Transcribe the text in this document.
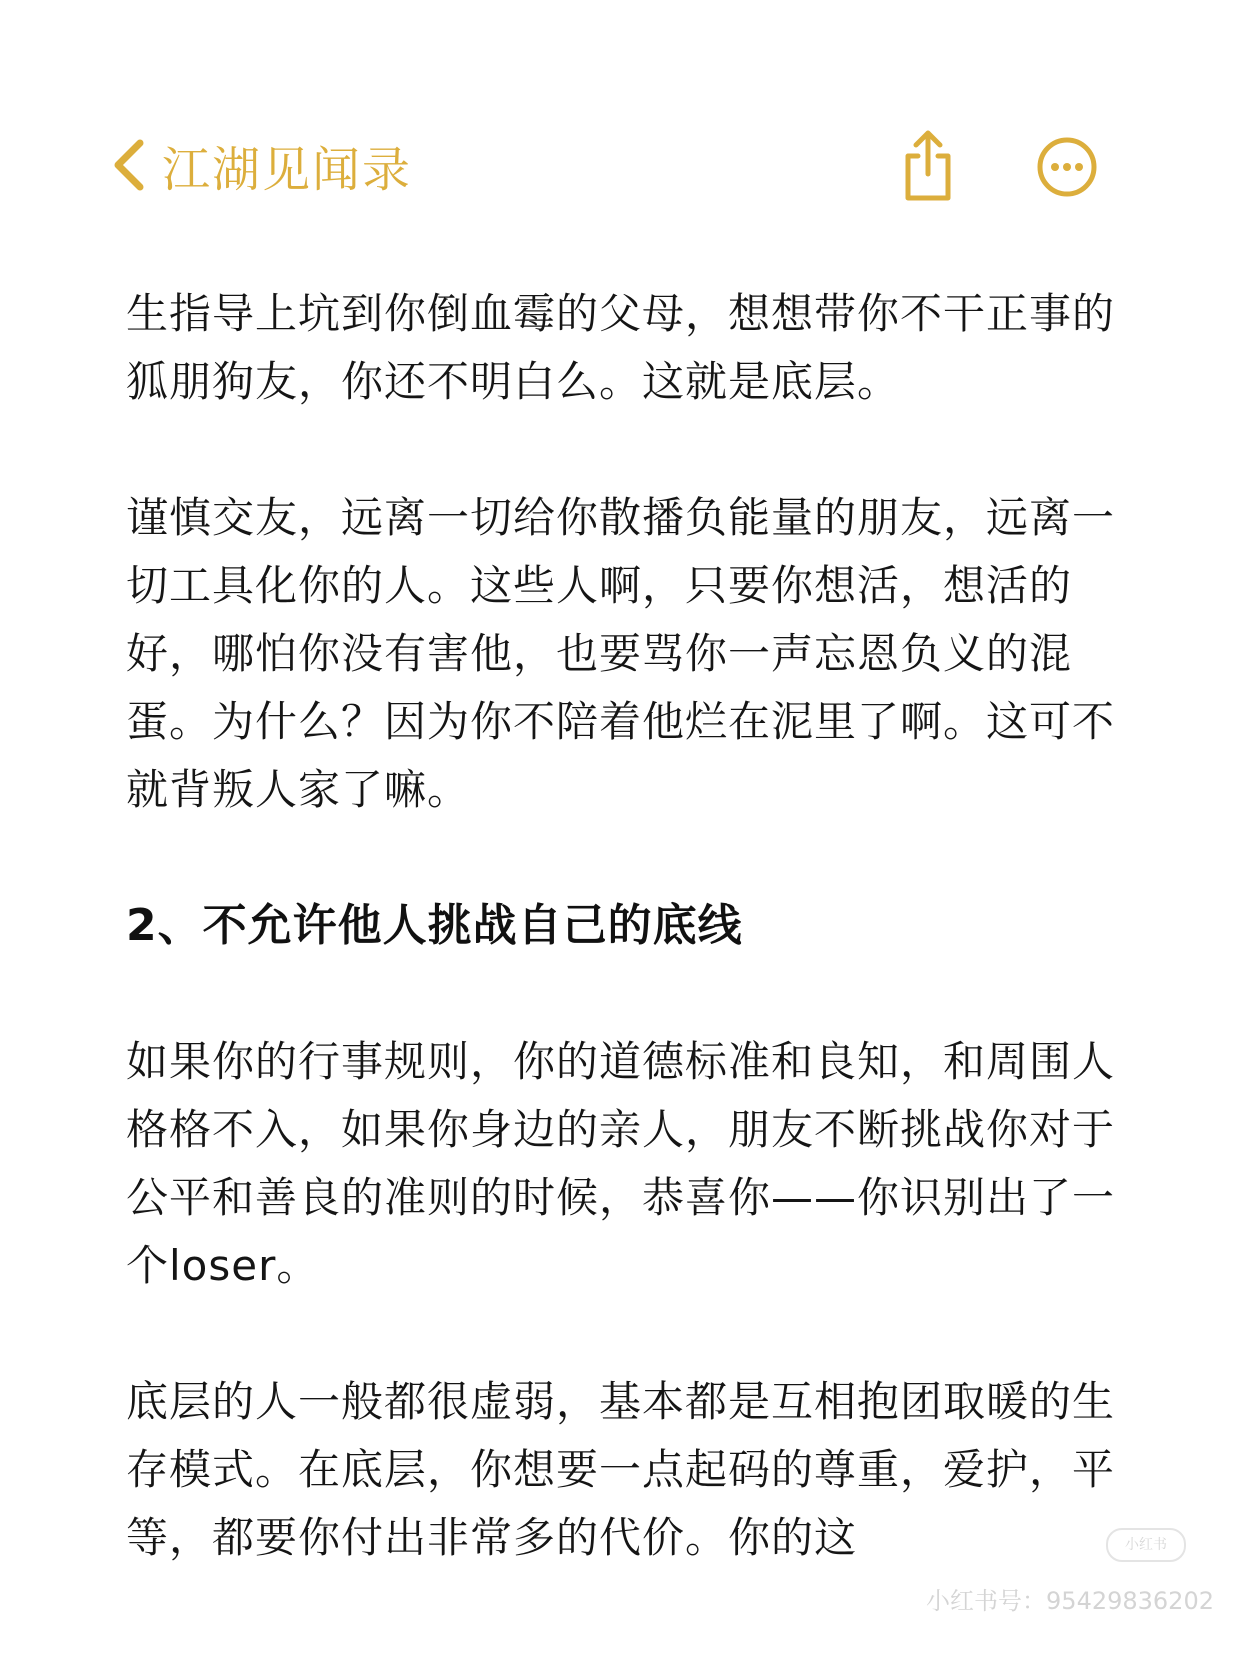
江湖见闻录

生指导上坑到你倒血霉的父母，想想带你不干正事的狐朋狗友，你还不明白么。这就是底层。

谨慎交友，远离一切给你散播负能量的朋友，远离一切工具化你的人。这些人啊，只要你想活，想活的好，哪怕你没有害他，也要骂你一声忘恩负义的混蛋。为什么？因为你不陪着他烂在泥里了啊。这可不就背叛人家了嘛。

2、不允许他人挑战自己的底线

如果你的行事规则，你的道德标准和良知，和周围人格格不入，如果你身边的亲人，朋友不断挑战你对于公平和善良的准则的时候，恭喜你——你识别出了一个loser。

底层的人一般都很虚弱，基本都是互相抱团取暖的生存模式。在底层，你想要一点起码的尊重，爱护，平等，都要你付出非常多的代价。你的这	小红书
小红书号：95429836202
